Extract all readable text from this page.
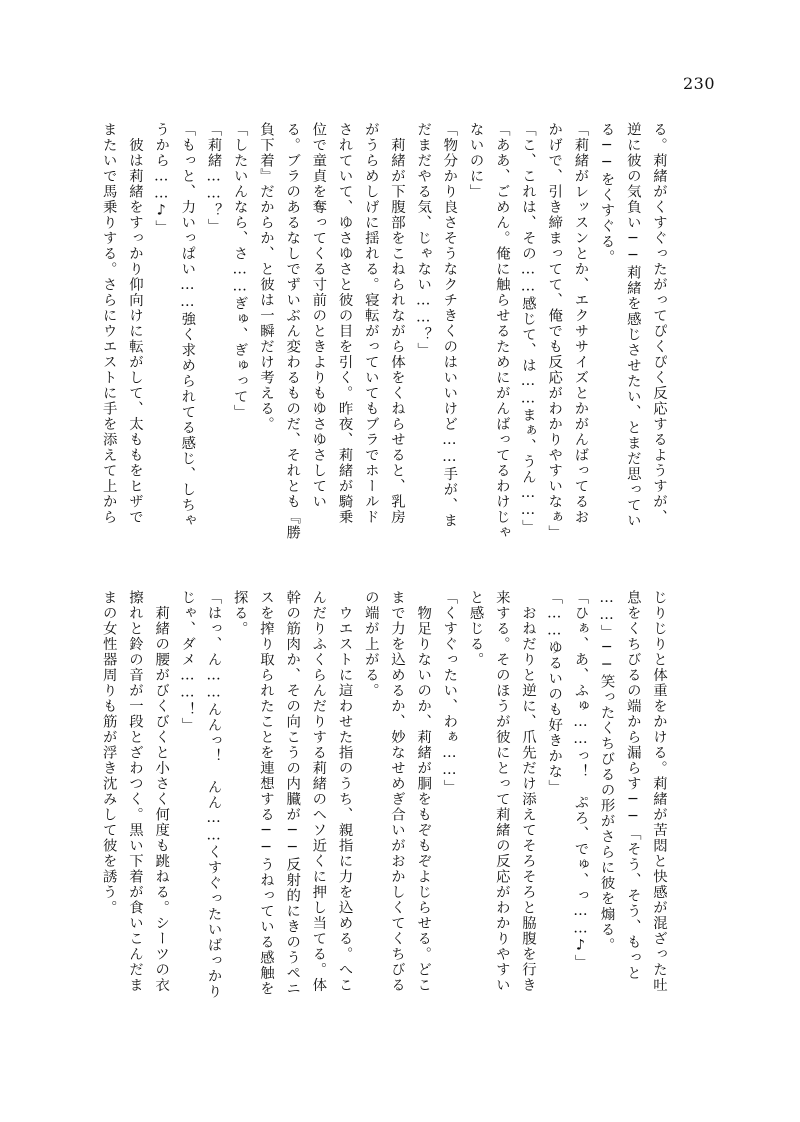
230
る。莉緒がくすぐったがってぴくぴく反応するようすが、
逆に彼の気負い──莉緒を感じさせたい、とまだ思ってい
る──をくすぐる。
「莉緒がレッスンとか、エクササイズとかがんばってるお
かげで、引き締まってて、俺でも反応がわかりやすいなぁ」
「こ、これは、その……感じて、は……まぁ、うん……」
「ああ、ごめん。俺に触らせるためにがんばってるわけじゃ
ないのに」
「物分かり良さそうなクチきくのはいいけど……手が、ま
だまだやる気、じゃない……？」
　莉緒が下腹部をこねられながら体をくねらせると、乳房
がうらめしげに揺れる。寝転がっていてもブラでホールド
されていて、ゆさゆさと彼の目を引く。昨夜、莉緒が騎乗
位で童貞を奪ってくる寸前のときよりもゆさゆさしてい
る。ブラのあるなしでずいぶん変わるものだ、それとも『勝
負下着』だからか、と彼は一瞬だけ考える。
「したいんなら、さ……ぎゅ、ぎゅって」
「莉緒……？」
「もっと、力いっぱい……強く求められてる感じ、しちゃ
うから……♪」
　彼は莉緒をすっかり仰向けに転がして、太ももをヒザで
またいで馬乗りする。さらにウエストに手を添えて上から
じりじりと体重をかける。莉緒が苦悶と快感が混ざった吐
息をくちびるの端から漏らす──「そう、そう、もっと
……」──笑ったくちびるの形がさらに彼を煽る。
「ひぁ、あ、ふゅ……っ！　ぷろ、でゅ、っ……♪」
「……ゆるいのも好きかな」
　おねだりと逆に、爪先だけ添えてそろそろと脇腹を行き
来する。そのほうが彼にとって莉緒の反応がわかりやすい
と感じる。
「くすぐったい、わぁ……」
　物足りないのか、莉緒が胴をもぞもぞよじらせる。どこ
まで力を込めるか、妙なせめぎ合いがおかしくてくちびる
の端が上がる。
　ウエストに這わせた指のうち、親指に力を込める。へこ
んだりふくらんだりする莉緒のヘソ近くに押し当てる。体
幹の筋肉か、その向こうの内臓が──反射的にきのうペニ
スを搾り取られたことを連想する──うねっている感触を
探る。
「はっ、ん……んんっ！　んん……くすぐったいばっかり
じゃ、ダメ……！」
　莉緒の腰がびくびくと小さく何度も跳ねる。シーツの衣
擦れと鈴の音が一段とざわつく。黒い下着が食いこんだま
まの女性器周りも筋が浮き沈みして彼を誘う。
